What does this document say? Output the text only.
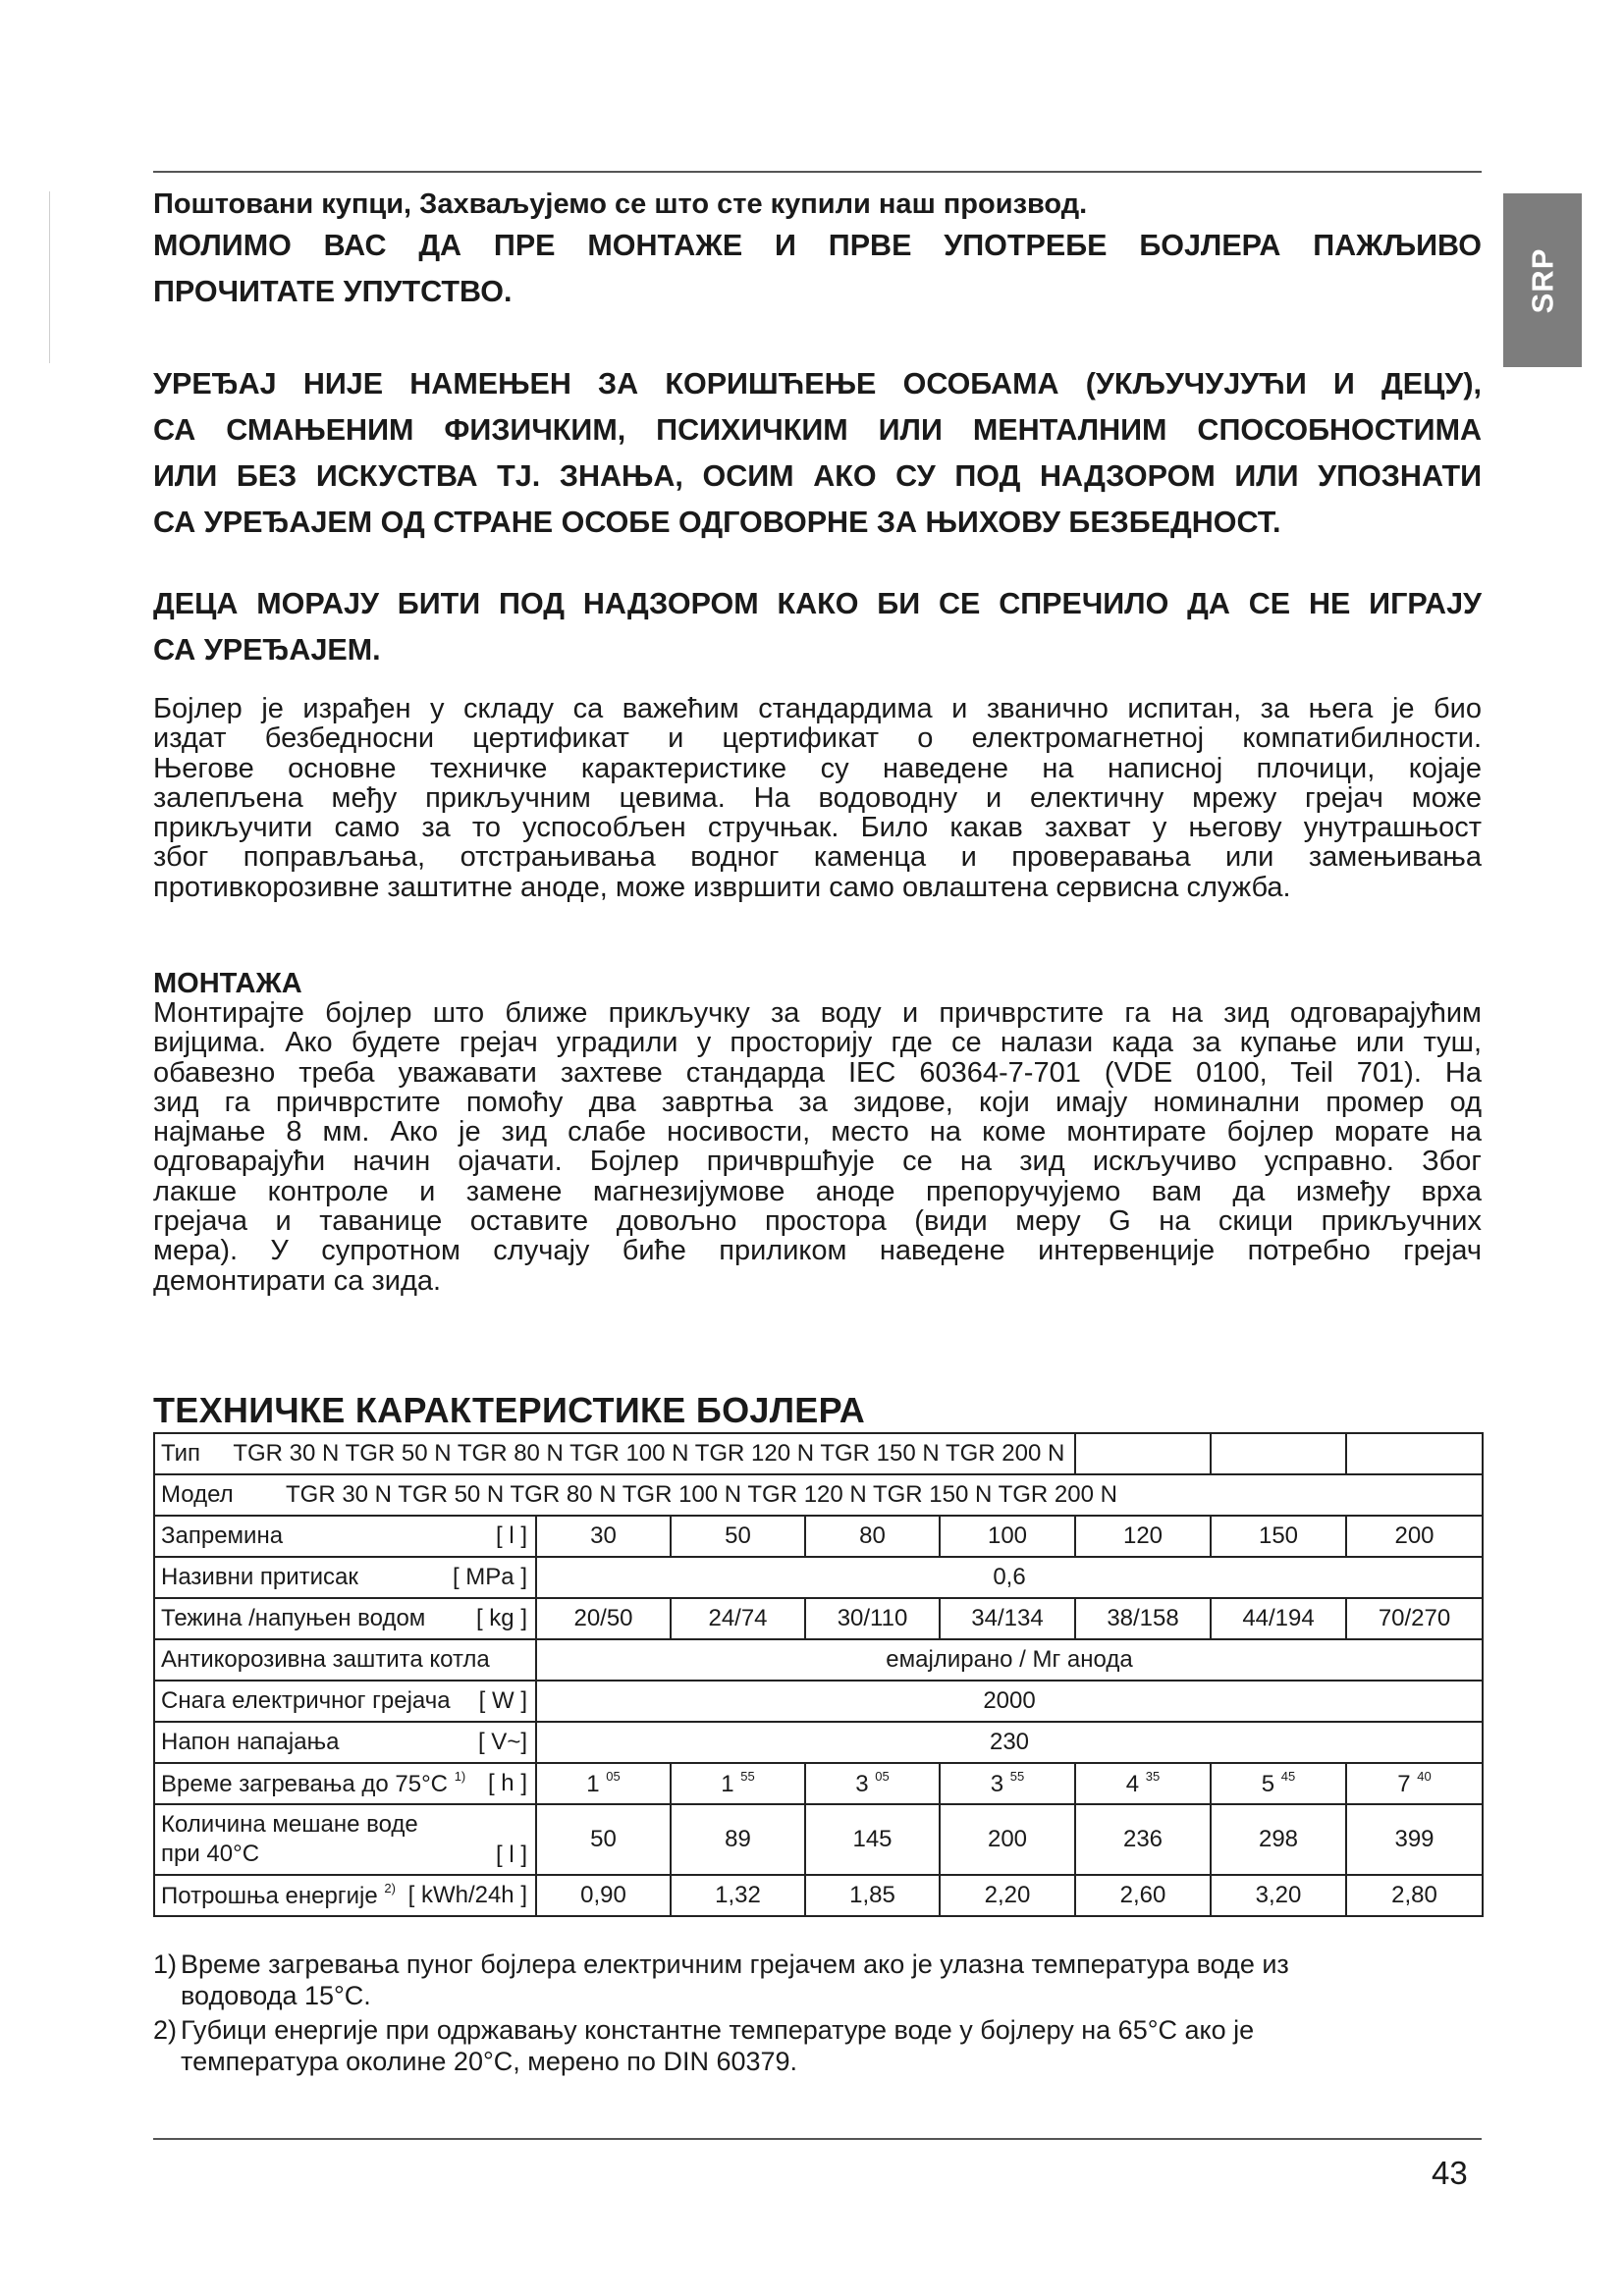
SRP

Поштовани купци, Захваљујемо се што сте купили наш производ.

МОЛИМО ВАС ДА ПРЕ МОНТАЖЕ И ПРВЕ УПОТРЕБЕ БОЈЛЕРА ПАЖЉИВО
ПРОЧИТАТЕ УПУТСТВО.

УРЕЂАЈ НИЈЕ НАМЕЊЕН ЗА КОРИШЋЕЊЕ ОСОБАМА (УКЉУЧУЈУЋИ И ДЕЦУ),
СА СМАЊЕНИМ ФИЗИЧКИМ, ПСИХИЧКИМ ИЛИ МЕНТАЛНИМ СПОСОБНОСТИМА
ИЛИ БЕЗ ИСКУСТВА ТЈ. ЗНАЊА, ОСИМ АКО СУ ПОД НАДЗОРОМ ИЛИ УПОЗНАТИ
СА УРЕЂАЈЕМ ОД СТРАНЕ ОСОБЕ ОДГОВОРНЕ ЗА ЊИХОВУ БЕЗБЕДНОСТ.

ДЕЦА МОРАЈУ БИТИ ПОД НАДЗОРОМ КАКО БИ СЕ СПРЕЧИЛО ДА СЕ НЕ ИГРАЈУ
СА УРЕЂАЈЕМ.

Бојлер је израђен у складу са важећим стандардима и званично испитан, за њега је био
издат безбедносни цертификат и цертификат о електромагнетној компатибилности.
Његове основне техничке карактеристике су наведене на написној плочици, којаје
залепљена међу прикључним цевима. На водоводну и електичну мрежу грејач може
прикључити само за то успособљен стручњак. Било какав захват у његову унутрашњост
због поправљања, отстрањивања водног каменца и проверавања или замењивања
противкорозивне заштитне аноде, може извршити само овлаштена сервисна служба.

МОНТАЖА

Монтирајте бојлер што ближе прикључку за воду и причврстите га на зид одговарајућим
вијцима. Ако будете грејач уградили у просторију где се налази када за купање или туш,
обавезно треба уважавати захтеве стандарда IEC 60364-7-701 (VDE 0100, Teil 701). На
зид га причврстите помоћу два завртња за зидове, који имају номинални промер од
најмање 8 мм. Ако је зид слабе носивости, место на коме монтирате бојлер морате на
одговарајући начин ојачати. Бојлер причвршћује се на зид искључиво усправно. Због
лакше контроле и замене магнезијумове аноде препоручујемо вам да између врха
грејача и таванице оставите довољно простора (види меру G на скици прикључних
мера). У супротном случају биће приликом наведене интервенције потребно грејач
демонтирати са зида.

ТЕХНИЧКЕ КАРАКТЕРИСТИКЕ БОЈЛЕРА

Тип     TGR 30 N TGR 50 N TGR 80 N TGR 100 N TGR 120 N TGR 150 N TGR 200 N							
Модел        TGR 30 N TGR 50 N TGR 80 N TGR 100 N TGR 120 N TGR 150 N TGR 200 N							
Запремина [ l ]	30	50	80	100	120	150	200
Називни притисак [ MPa ]	0,6						
Тежина /напуњен водом [ kg ]	20/50	24/74	30/110	34/134	38/158	44/194	70/270
Антикорозивна заштита котла	емајлирано / Мг анода						
Снага електричног грејача [ W ]	2000						
Напон напајања [ V~]	230						
Време загревања до 75°C $^{1)}$ [ h ]	1 $^{05}$	1 $^{55}$	3 $^{05}$	3 $^{55}$	4 $^{35}$	5 $^{45}$	7 $^{40}$
Количина мешане воде
при 40°C [ l ]	50	89	145	200	236	298	399
Потрошња енергије $^{2)}$ [ kWh/24h ]	0,90	1,32	1,85	2,20	2,60	3,20	2,80
1) Време загревања пуног бојлера електричним грејачем ако је улазна температура воде из
водовода 15°C.
2) Губици енергије при одржавању константне температуре воде у бојлеру на 65°C ако је
температура околине 20°C, мерено по DIN 60379.
43
